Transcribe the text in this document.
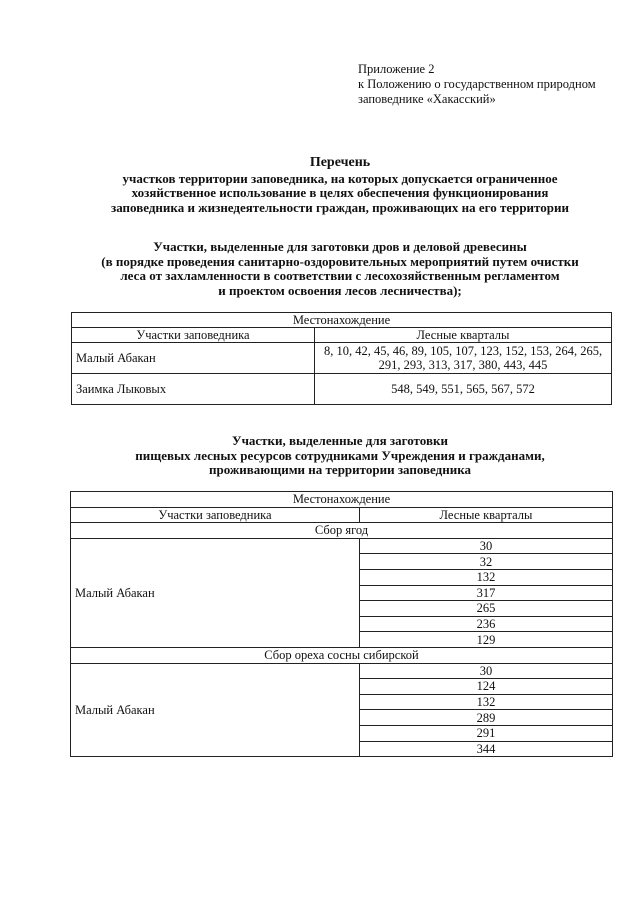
Приложение 2
к Положению о государственном природном
заповеднике «Хакасский»
Перечень
участков территории заповедника, на которых допускается ограниченное
хозяйственное использование в целях обеспечения функционирования
заповедника и жизнедеятельности граждан, проживающих на его территории
Участки, выделенные для заготовки дров и деловой древесины
(в порядке проведения санитарно-оздоровительных мероприятий путем очистки
леса от захламленности в соответствии с лесохозяйственным регламентом
и проектом освоения лесов лесничества);
Местонахождение	
Участки заповедника	Лесные кварталы
Малый Абакан	8, 10, 42, 45, 46, 89, 105, 107, 123, 152, 153, 264, 265,
291, 293, 313, 317, 380, 443, 445

Заимка Лыковых	548, 549, 551, 565, 567, 572
Участки, выделенные для заготовки
пищевых лесных ресурсов сотрудниками Учреждения и гражданами,
проживающими на территории заповедника
Местонахождение	
Участки заповедника	Лесные кварталы
Сбор ягод	
Малый Абакан	30
	32
	132
	317
	265
	236
	129
Сбор ореха сосны сибирской	
Малый Абакан	30
	124
	132
	289
	291
	344
